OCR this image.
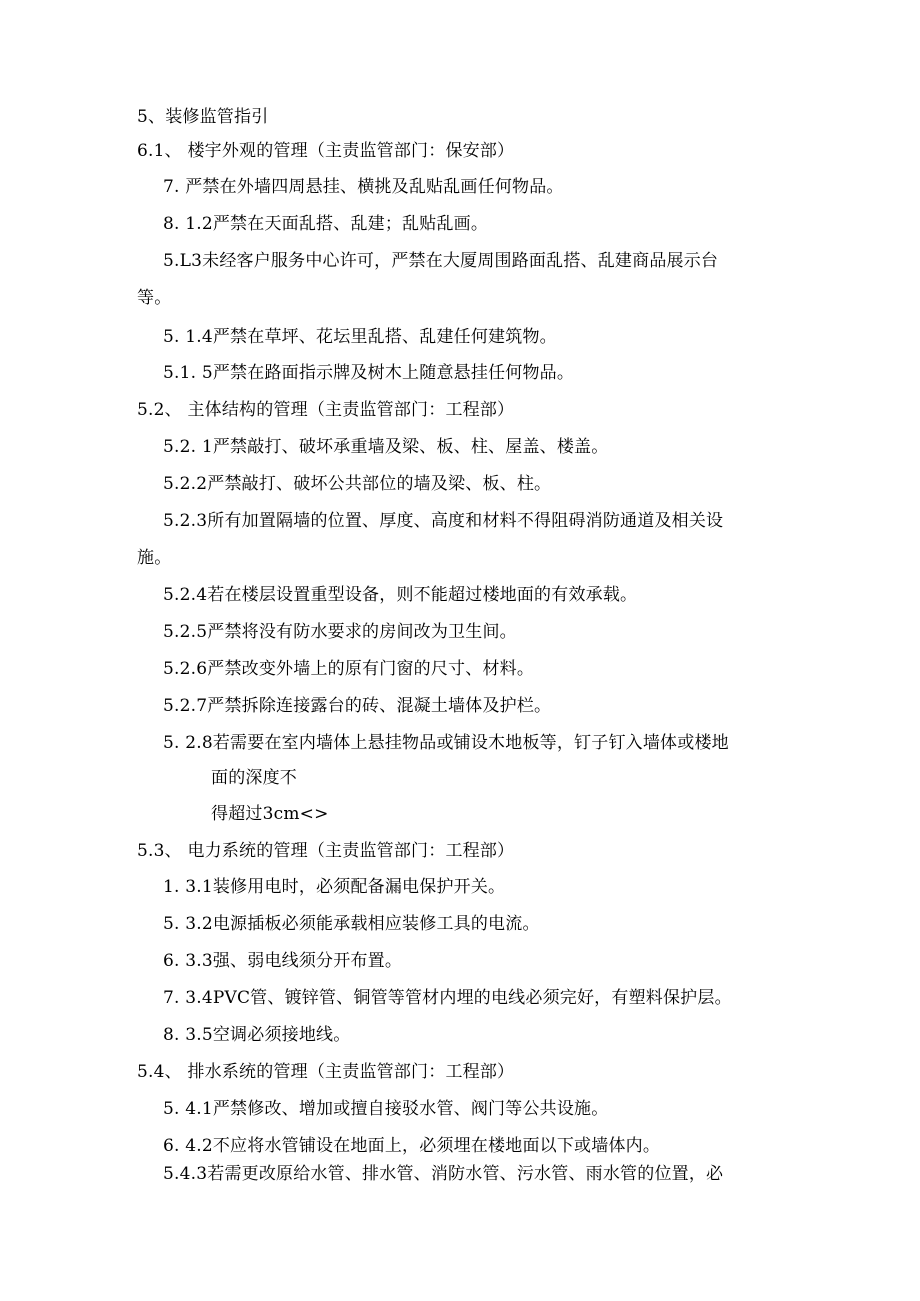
5、装修监管指引
6.1、 楼宇外观的管理（主责监管部门：保安部）
7. 严禁在外墙四周悬挂、横挑及乱贴乱画任何物品。
8. 1.2严禁在天面乱搭、乱建；乱贴乱画。
5.L3未经客户服务中心许可，严禁在大厦周围路面乱搭、乱建商品展示台
等。
5. 1.4严禁在草坪、花坛里乱搭、乱建任何建筑物。
5.1. 5严禁在路面指示牌及树木上随意悬挂任何物品。
5.2、 主体结构的管理（主责监管部门：工程部）
5.2. 1严禁敲打、破坏承重墙及梁、板、柱、屋盖、楼盖。
5.2.2严禁敲打、破坏公共部位的墙及梁、板、柱。
5.2.3所有加置隔墙的位置、厚度、高度和材料不得阻碍消防通道及相关设
施。
5.2.4若在楼层设置重型设备，则不能超过楼地面的有效承载。
5.2.5严禁将没有防水要求的房间改为卫生间。
5.2.6严禁改变外墙上的原有门窗的尺寸、材料。
5.2.7严禁拆除连接露台的砖、混凝土墙体及护栏。
5. 2.8若需要在室内墙体上悬挂物品或铺设木地板等，钉子钉入墙体或楼地
面的深度不
得超过3cm<>
5.3、 电力系统的管理（主责监管部门：工程部）
1. 3.1装修用电时，必须配备漏电保护开关。
5. 3.2电源插板必须能承载相应装修工具的电流。
6. 3.3强、弱电线须分开布置。
7. 3.4PVC管、镀锌管、铜管等管材内埋的电线必须完好，有塑料保护层。
8. 3.5空调必须接地线。
5.4、 排水系统的管理（主责监管部门：工程部）
5. 4.1严禁修改、增加或擅自接驳水管、阀门等公共设施。
6. 4.2不应将水管铺设在地面上，必须埋在楼地面以下或墙体内。
5.4.3若需更改原给水管、排水管、消防水管、污水管、雨水管的位置，必
